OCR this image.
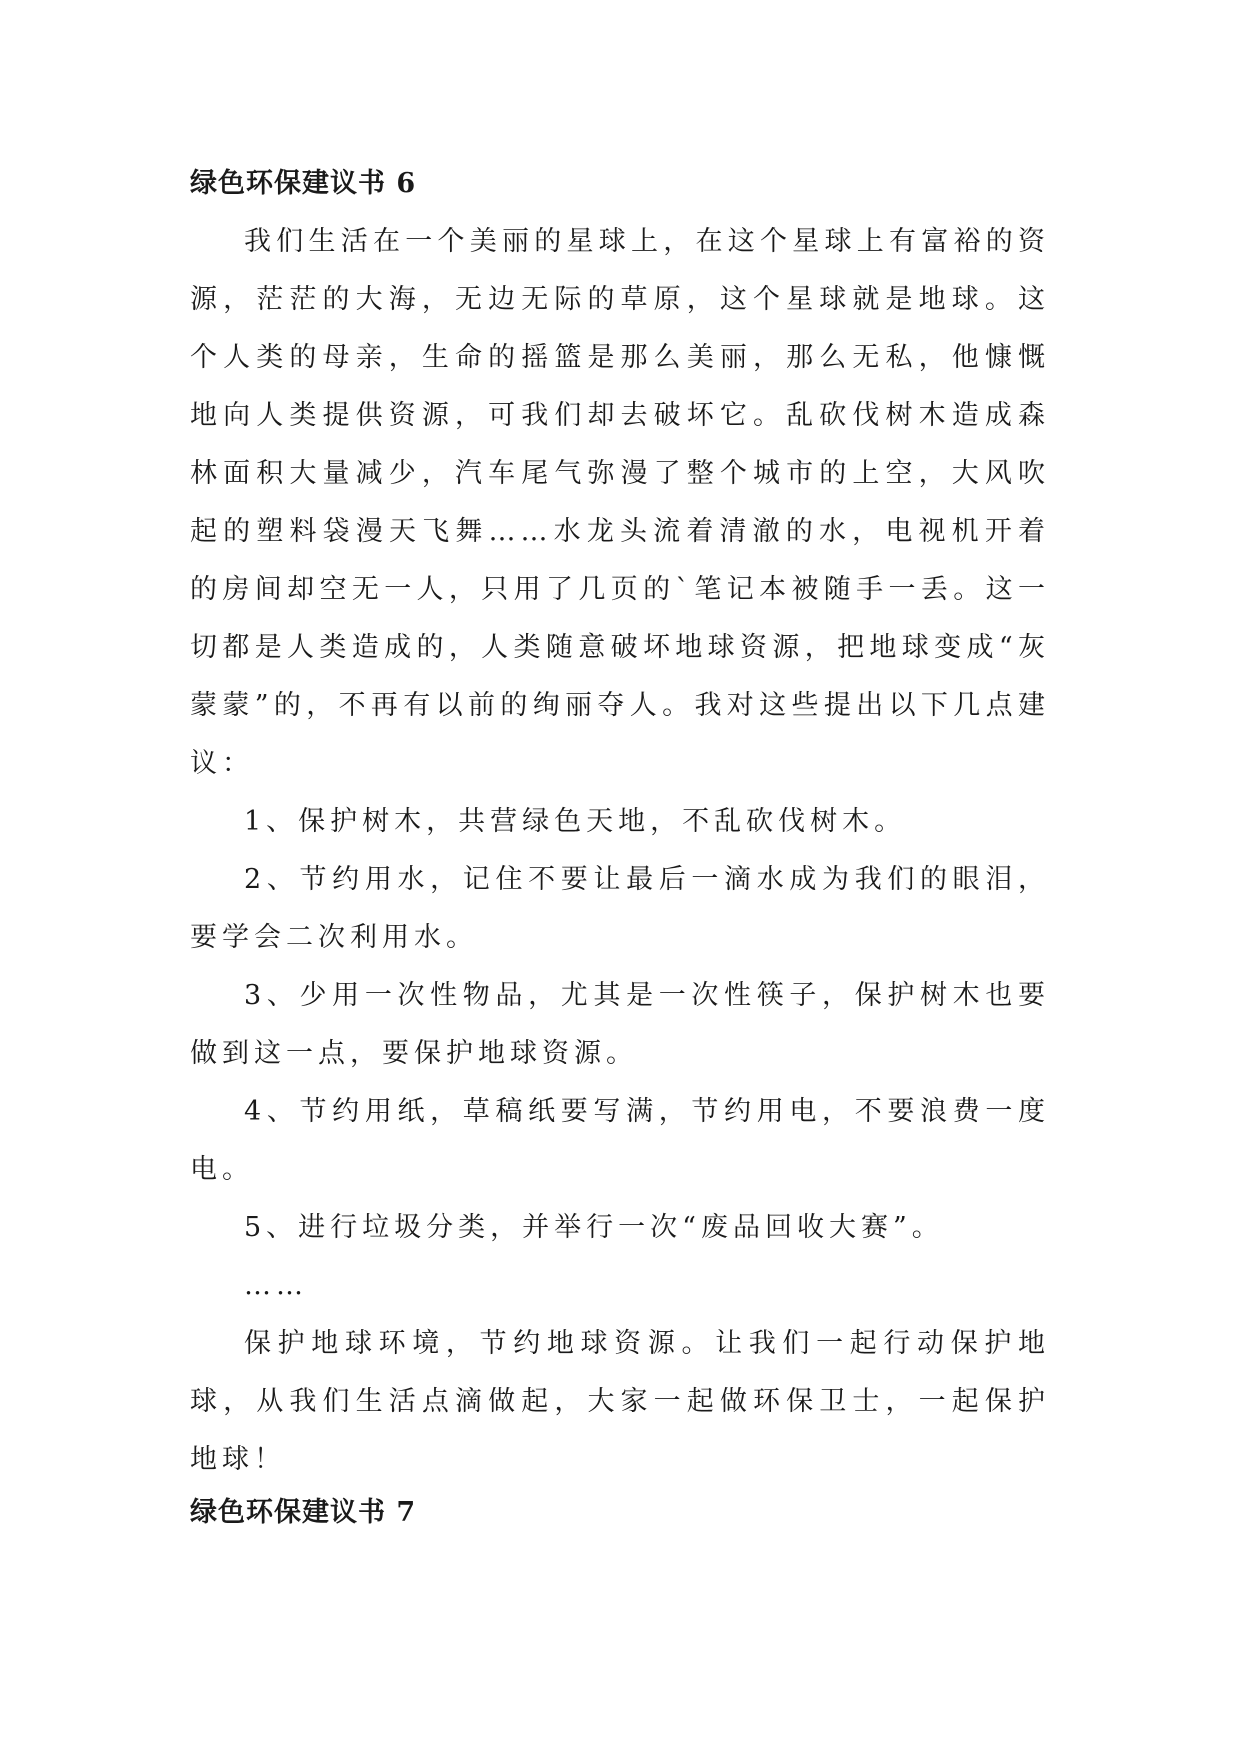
绿色环保建议书 6

我们生活在一个美丽的星球上，在这个星球上有富裕的资源，茫茫的大海，无边无际的草原，这个星球就是地球。这个人类的母亲，生命的摇篮是那么美丽，那么无私，他慷慨地向人类提供资源，可我们却去破坏它。乱砍伐树木造成森林面积大量减少，汽车尾气弥漫了整个城市的上空，大风吹起的塑料袋漫天飞舞……水龙头流着清澈的水，电视机开着的房间却空无一人，只用了几页的`笔记本被随手一丢。这一切都是人类造成的，人类随意破坏地球资源，把地球变成“灰蒙蒙”的，不再有以前的绚丽夺人。我对这些提出以下几点建议：

1、保护树木，共营绿色天地，不乱砍伐树木。

2、节约用水，记住不要让最后一滴水成为我们的眼泪，要学会二次利用水。

3、少用一次性物品，尤其是一次性筷子，保护树木也要做到这一点，要保护地球资源。

4、节约用纸，草稿纸要写满，节约用电，不要浪费一度电。

5、进行垃圾分类，并举行一次“废品回收大赛”。

……

保护地球环境，节约地球资源。让我们一起行动保护地球，从我们生活点滴做起，大家一起做环保卫士，一起保护地球！

绿色环保建议书 7
